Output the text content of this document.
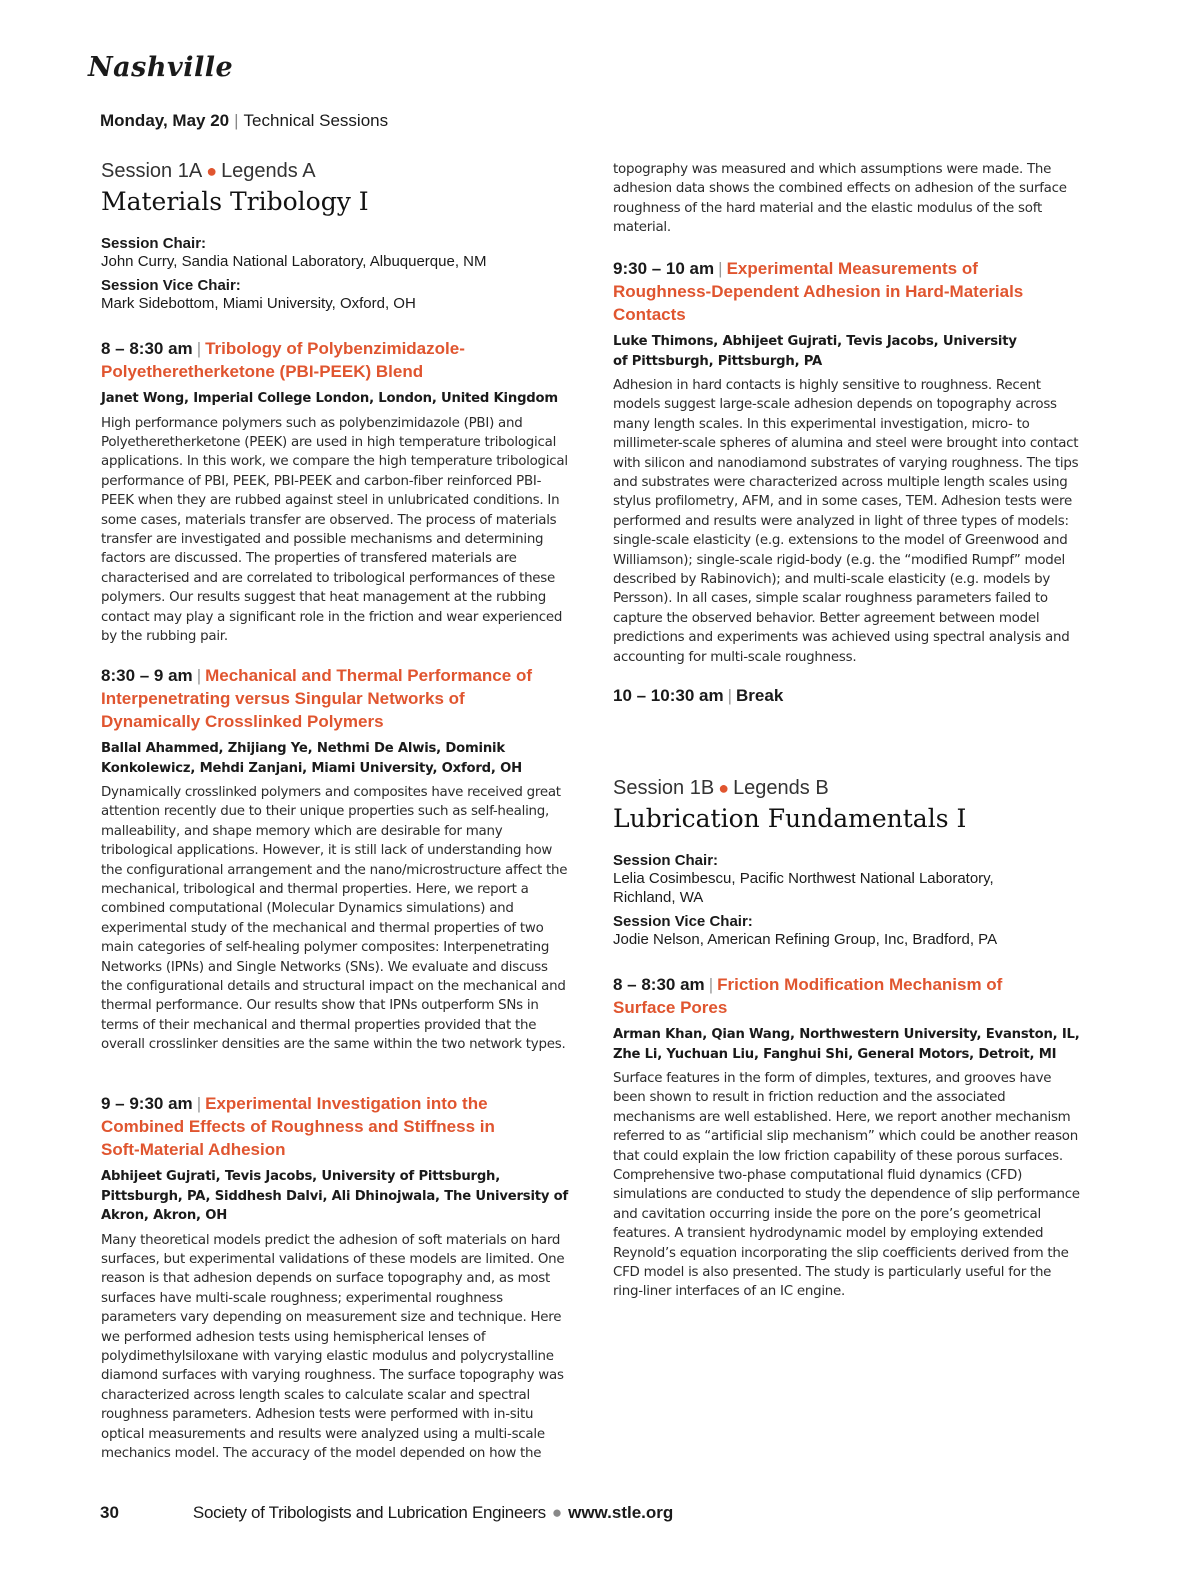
Nashville
Monday, May 20 | Technical Sessions
Session 1A ● Legends A
Materials Tribology I
Session Chair:
John Curry, Sandia National Laboratory, Albuquerque, NM
Session Vice Chair:
Mark Sidebottom, Miami University, Oxford, OH
8 – 8:30 am | Tribology of Polybenzimidazole-Polyetheretherketone (PBI-PEEK) Blend
Janet Wong, Imperial College London, London, United Kingdom
High performance polymers such as polybenzimidazole (PBI) and Polyetheretherketone (PEEK) are used in high temperature tribological applications. In this work, we compare the high temperature tribological performance of PBI, PEEK, PBI-PEEK and carbon-fiber reinforced PBI-PEEK when they are rubbed against steel in unlubricated conditions. In some cases, materials transfer are observed. The process of materials transfer are investigated and possible mechanisms and determining factors are discussed. The properties of transfered materials are characterised and are correlated to tribological performances of these polymers. Our results suggest that heat management at the rubbing contact may play a significant role in the friction and wear experienced by the rubbing pair.
8:30 – 9 am | Mechanical and Thermal Performance of Interpenetrating versus Singular Networks of Dynamically Crosslinked Polymers
Ballal Ahammed, Zhijiang Ye, Nethmi De Alwis, Dominik Konkolewicz, Mehdi Zanjani, Miami University, Oxford, OH
Dynamically crosslinked polymers and composites have received great attention recently due to their unique properties such as self-healing, malleability, and shape memory which are desirable for many tribological applications. However, it is still lack of understanding how the configurational arrangement and the nano/microstructure affect the mechanical, tribological and thermal properties. Here, we report a combined computational (Molecular Dynamics simulations) and experimental study of the mechanical and thermal properties of two main categories of self-healing polymer composites: Interpenetrating Networks (IPNs) and Single Networks (SNs). We evaluate and discuss the configurational details and structural impact on the mechanical and thermal performance. Our results show that IPNs outperform SNs in terms of their mechanical and thermal properties provided that the overall crosslinker densities are the same within the two network types.
9 – 9:30 am | Experimental Investigation into the Combined Effects of Roughness and Stiffness in Soft-Material Adhesion
Abhijeet Gujrati, Tevis Jacobs, University of Pittsburgh, Pittsburgh, PA, Siddhesh Dalvi, Ali Dhinojwala, The University of Akron, Akron, OH
Many theoretical models predict the adhesion of soft materials on hard surfaces, but experimental validations of these models are limited. One reason is that adhesion depends on surface topography and, as most surfaces have multi-scale roughness; experimental roughness parameters vary depending on measurement size and technique. Here we performed adhesion tests using hemispherical lenses of polydimethylsiloxane with varying elastic modulus and polycrystalline diamond surfaces with varying roughness. The surface topography was characterized across length scales to calculate scalar and spectral roughness parameters. Adhesion tests were performed with in-situ optical measurements and results were analyzed using a multi-scale mechanics model. The accuracy of the model depended on how the
topography was measured and which assumptions were made. The adhesion data shows the combined effects on adhesion of the surface roughness of the hard material and the elastic modulus of the soft material.
9:30 – 10 am | Experimental Measurements of Roughness-Dependent Adhesion in Hard-Materials Contacts
Luke Thimons, Abhijeet Gujrati, Tevis Jacobs, University of Pittsburgh, Pittsburgh, PA
Adhesion in hard contacts is highly sensitive to roughness. Recent models suggest large-scale adhesion depends on topography across many length scales. In this experimental investigation, micro- to millimeter-scale spheres of alumina and steel were brought into contact with silicon and nanodiamond substrates of varying roughness. The tips and substrates were characterized across multiple length scales using stylus profilometry, AFM, and in some cases, TEM. Adhesion tests were performed and results were analyzed in light of three types of models: single-scale elasticity (e.g. extensions to the model of Greenwood and Williamson); single-scale rigid-body (e.g. the “modified Rumpf” model described by Rabinovich); and multi-scale elasticity (e.g. models by Persson). In all cases, simple scalar roughness parameters failed to capture the observed behavior. Better agreement between model predictions and experiments was achieved using spectral analysis and accounting for multi-scale roughness.
10 – 10:30 am | Break
Session 1B ● Legends B
Lubrication Fundamentals I
Session Chair:
Lelia Cosimbescu, Pacific Northwest National Laboratory, Richland, WA
Session Vice Chair:
Jodie Nelson, American Refining Group, Inc, Bradford, PA
8 – 8:30 am | Friction Modification Mechanism of Surface Pores
Arman Khan, Qian Wang, Northwestern University, Evanston, IL, Zhe Li, Yuchuan Liu, Fanghui Shi, General Motors, Detroit, MI
Surface features in the form of dimples, textures, and grooves have been shown to result in friction reduction and the associated mechanisms are well established. Here, we report another mechanism referred to as “artificial slip mechanism” which could be another reason that could explain the low friction capability of these porous surfaces. Comprehensive two-phase computational fluid dynamics (CFD) simulations are conducted to study the dependence of slip performance and cavitation occurring inside the pore on the pore’s geometrical features. A transient hydrodynamic model by employing extended Reynold’s equation incorporating the slip coefficients derived from the CFD model is also presented. The study is particularly useful for the ring-liner interfaces of an IC engine.
30	Society of Tribologists and Lubrication Engineers ● www.stle.org
